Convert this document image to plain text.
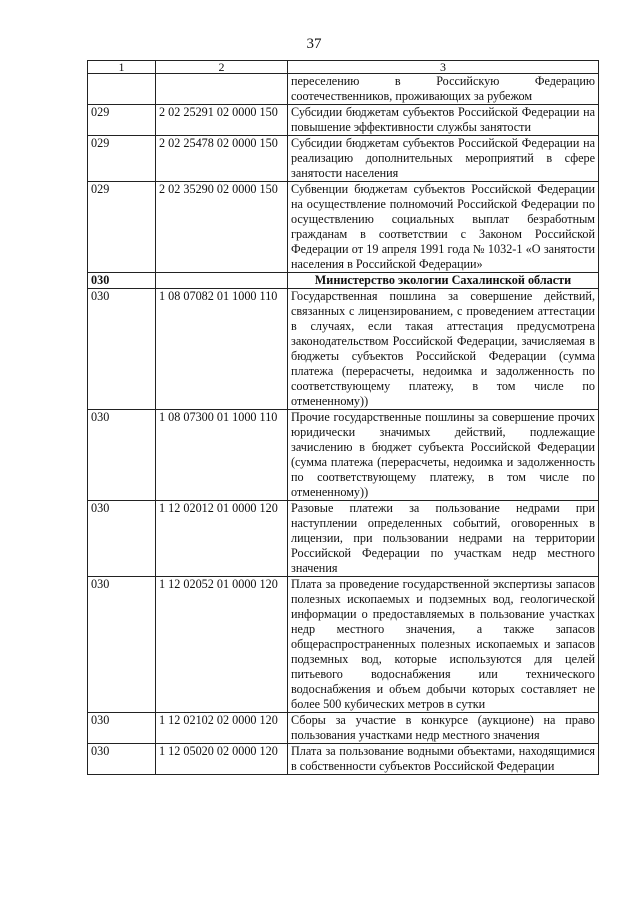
37
1	2	3
		переселению в Российскую Федерацию соотечественников, проживающих за рубежом
029	2 02 25291 02 0000 150	Субсидии бюджетам субъектов Российской Федерации на повышение эффективности службы занятости
029	2 02 25478 02 0000 150	Субсидии бюджетам субъектов Российской Федерации на реализацию дополнительных мероприятий в сфере занятости населения
029	2 02 35290 02 0000 150	Субвенции бюджетам субъектов Российской Федерации на осуществление полномочий Российской Федерации по осуществлению социальных выплат безработным гражданам в соответствии с Законом Российской Федерации от 19 апреля 1991 года № 1032-1 «О занятости населения в Российской Федерации»
030		Министерство экологии Сахалинской области
030	1 08 07082 01 1000 110	Государственная пошлина за совершение действий, связанных с лицензированием, с проведением аттестации в случаях, если такая аттестация предусмотрена законодательством Российской Федерации, зачисляемая в бюджеты субъектов Российской Федерации (сумма платежа (перерасчеты, недоимка и задолженность по соответствующему платежу, в том числе по отмененному))
030	1 08 07300 01 1000 110	Прочие государственные пошлины за совершение прочих юридически значимых действий, подлежащие зачислению в бюджет субъекта Российской Федерации (сумма платежа (перерасчеты, недоимка и задолженность по соответствующему платежу, в том числе по отмененному))
030	1 12 02012 01 0000 120	Разовые платежи за пользование недрами при наступлении определенных событий, оговоренных в лицензии, при пользовании недрами на территории Российской Федерации по участкам недр местного значения
030	1 12 02052 01 0000 120	Плата за проведение государственной экспертизы запасов полезных ископаемых и подземных вод, геологической информации о предоставляемых в пользование участках недр местного значения, а также запасов общераспространенных полезных ископаемых и запасов подземных вод, которые используются для целей питьевого водоснабжения или технического водоснабжения и объем добычи которых составляет не более 500 кубических метров в сутки
030	1 12 02102 02 0000 120	Сборы за участие в конкурсе (аукционе) на право пользования участками недр местного значения
030	1 12 05020 02 0000 120	Плата за пользование водными объектами, находящимися в собственности субъектов Российской Федерации
